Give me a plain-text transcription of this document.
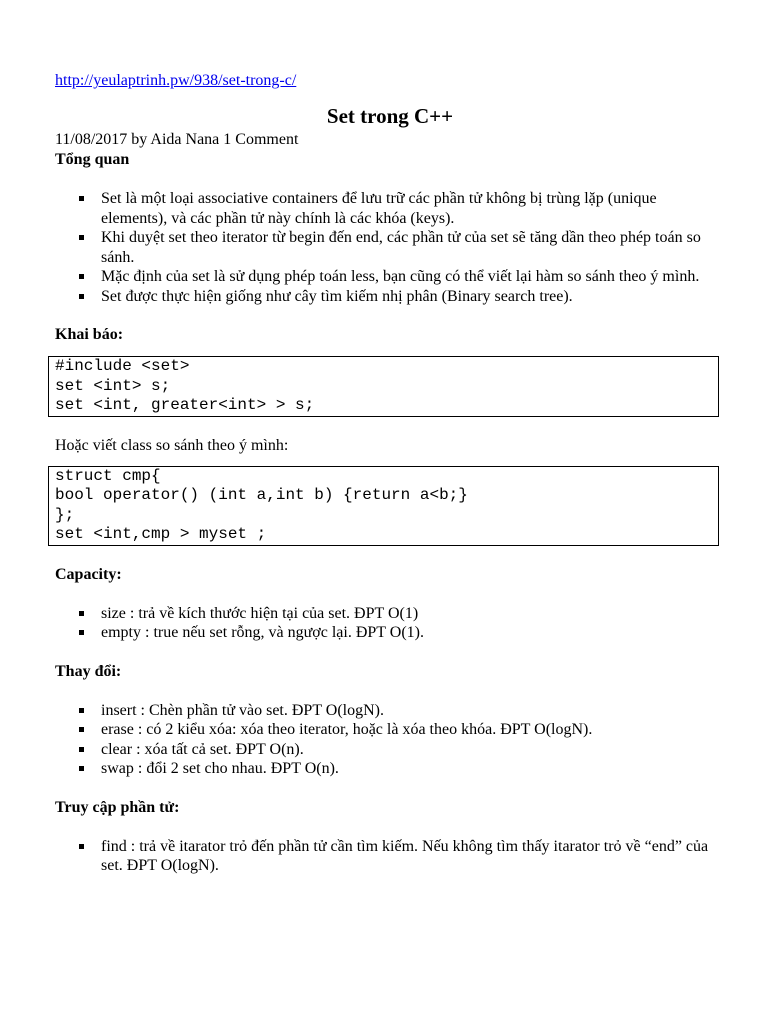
http://yeulaptrinh.pw/938/set-trong-c/
Set trong C++
11/08/2017 by Aida Nana 1 Comment
Tổng quan
Set là một loại associative containers để lưu trữ các phần tử không bị trùng lặp (unique elements), và các phần tử này chính là các khóa (keys).
Khi duyệt set theo iterator từ begin đến end, các phần tử của set sẽ tăng dần theo phép toán so sánh.
Mặc định của set là sử dụng phép toán less, bạn cũng có thể viết lại hàm so sánh theo ý mình.
Set được thực hiện giống như cây tìm kiếm nhị phân (Binary search tree).
Khai báo:
#include <set>
set <int> s;
set <int, greater<int> > s;
Hoặc viết class so sánh theo ý mình:
struct cmp{
bool operator() (int a,int b) {return a<b;}
};
set <int,cmp > myset ;
Capacity:
size : trả về kích thước hiện tại của set. ĐPT O(1)
empty : true nếu set rỗng, và ngược lại. ĐPT O(1).
Thay đổi:
insert : Chèn phần tử vào set. ĐPT O(logN).
erase : có 2 kiểu xóa: xóa theo iterator, hoặc là xóa theo khóa. ĐPT O(logN).
clear : xóa tất cả set. ĐPT O(n).
swap : đổi 2 set cho nhau. ĐPT O(n).
Truy cập phần tử:
find : trả về itarator trỏ đến phần tử cần tìm kiếm. Nếu không tìm thấy itarator trỏ về “end” của set. ĐPT O(logN).
